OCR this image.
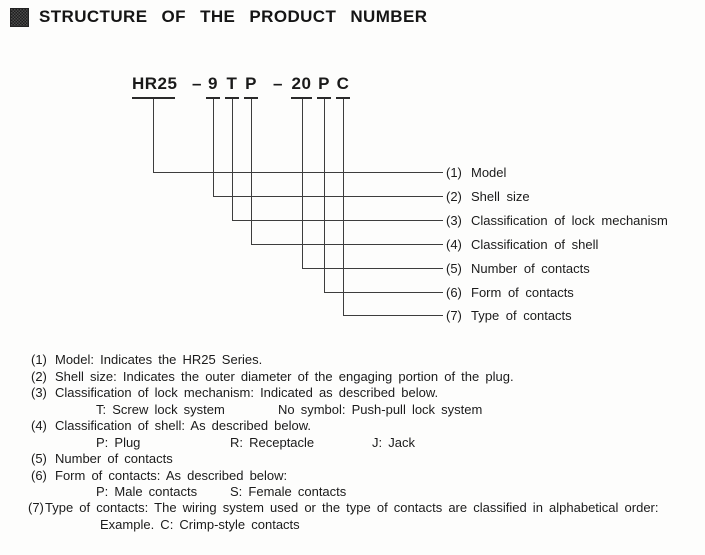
STRUCTURE OF THE PRODUCT NUMBER
HR25 – 9 T P – 20 P C
(1) Model
(2) Shell size
(3) Classification of lock mechanism
(4) Classification of shell
(5) Number of contacts
(6) Form of contacts
(7) Type of contacts
(1) Model: Indicates the HR25 Series.
(2) Shell size: Indicates the outer diameter of the engaging portion of the plug.
(3) Classification of lock mechanism: Indicated as described below.
T: Screw lock system	No symbol: Push-pull lock system
(4) Classification of shell: As described below.
P: Plug	R: Receptacle	J: Jack
(5) Number of contacts
(6) Form of contacts: As described below:
P: Male contacts	S: Female contacts
(7) Type of contacts: The wiring system used or the type of contacts are classified in alphabetical order:
Example. C: Crimp-style contacts
